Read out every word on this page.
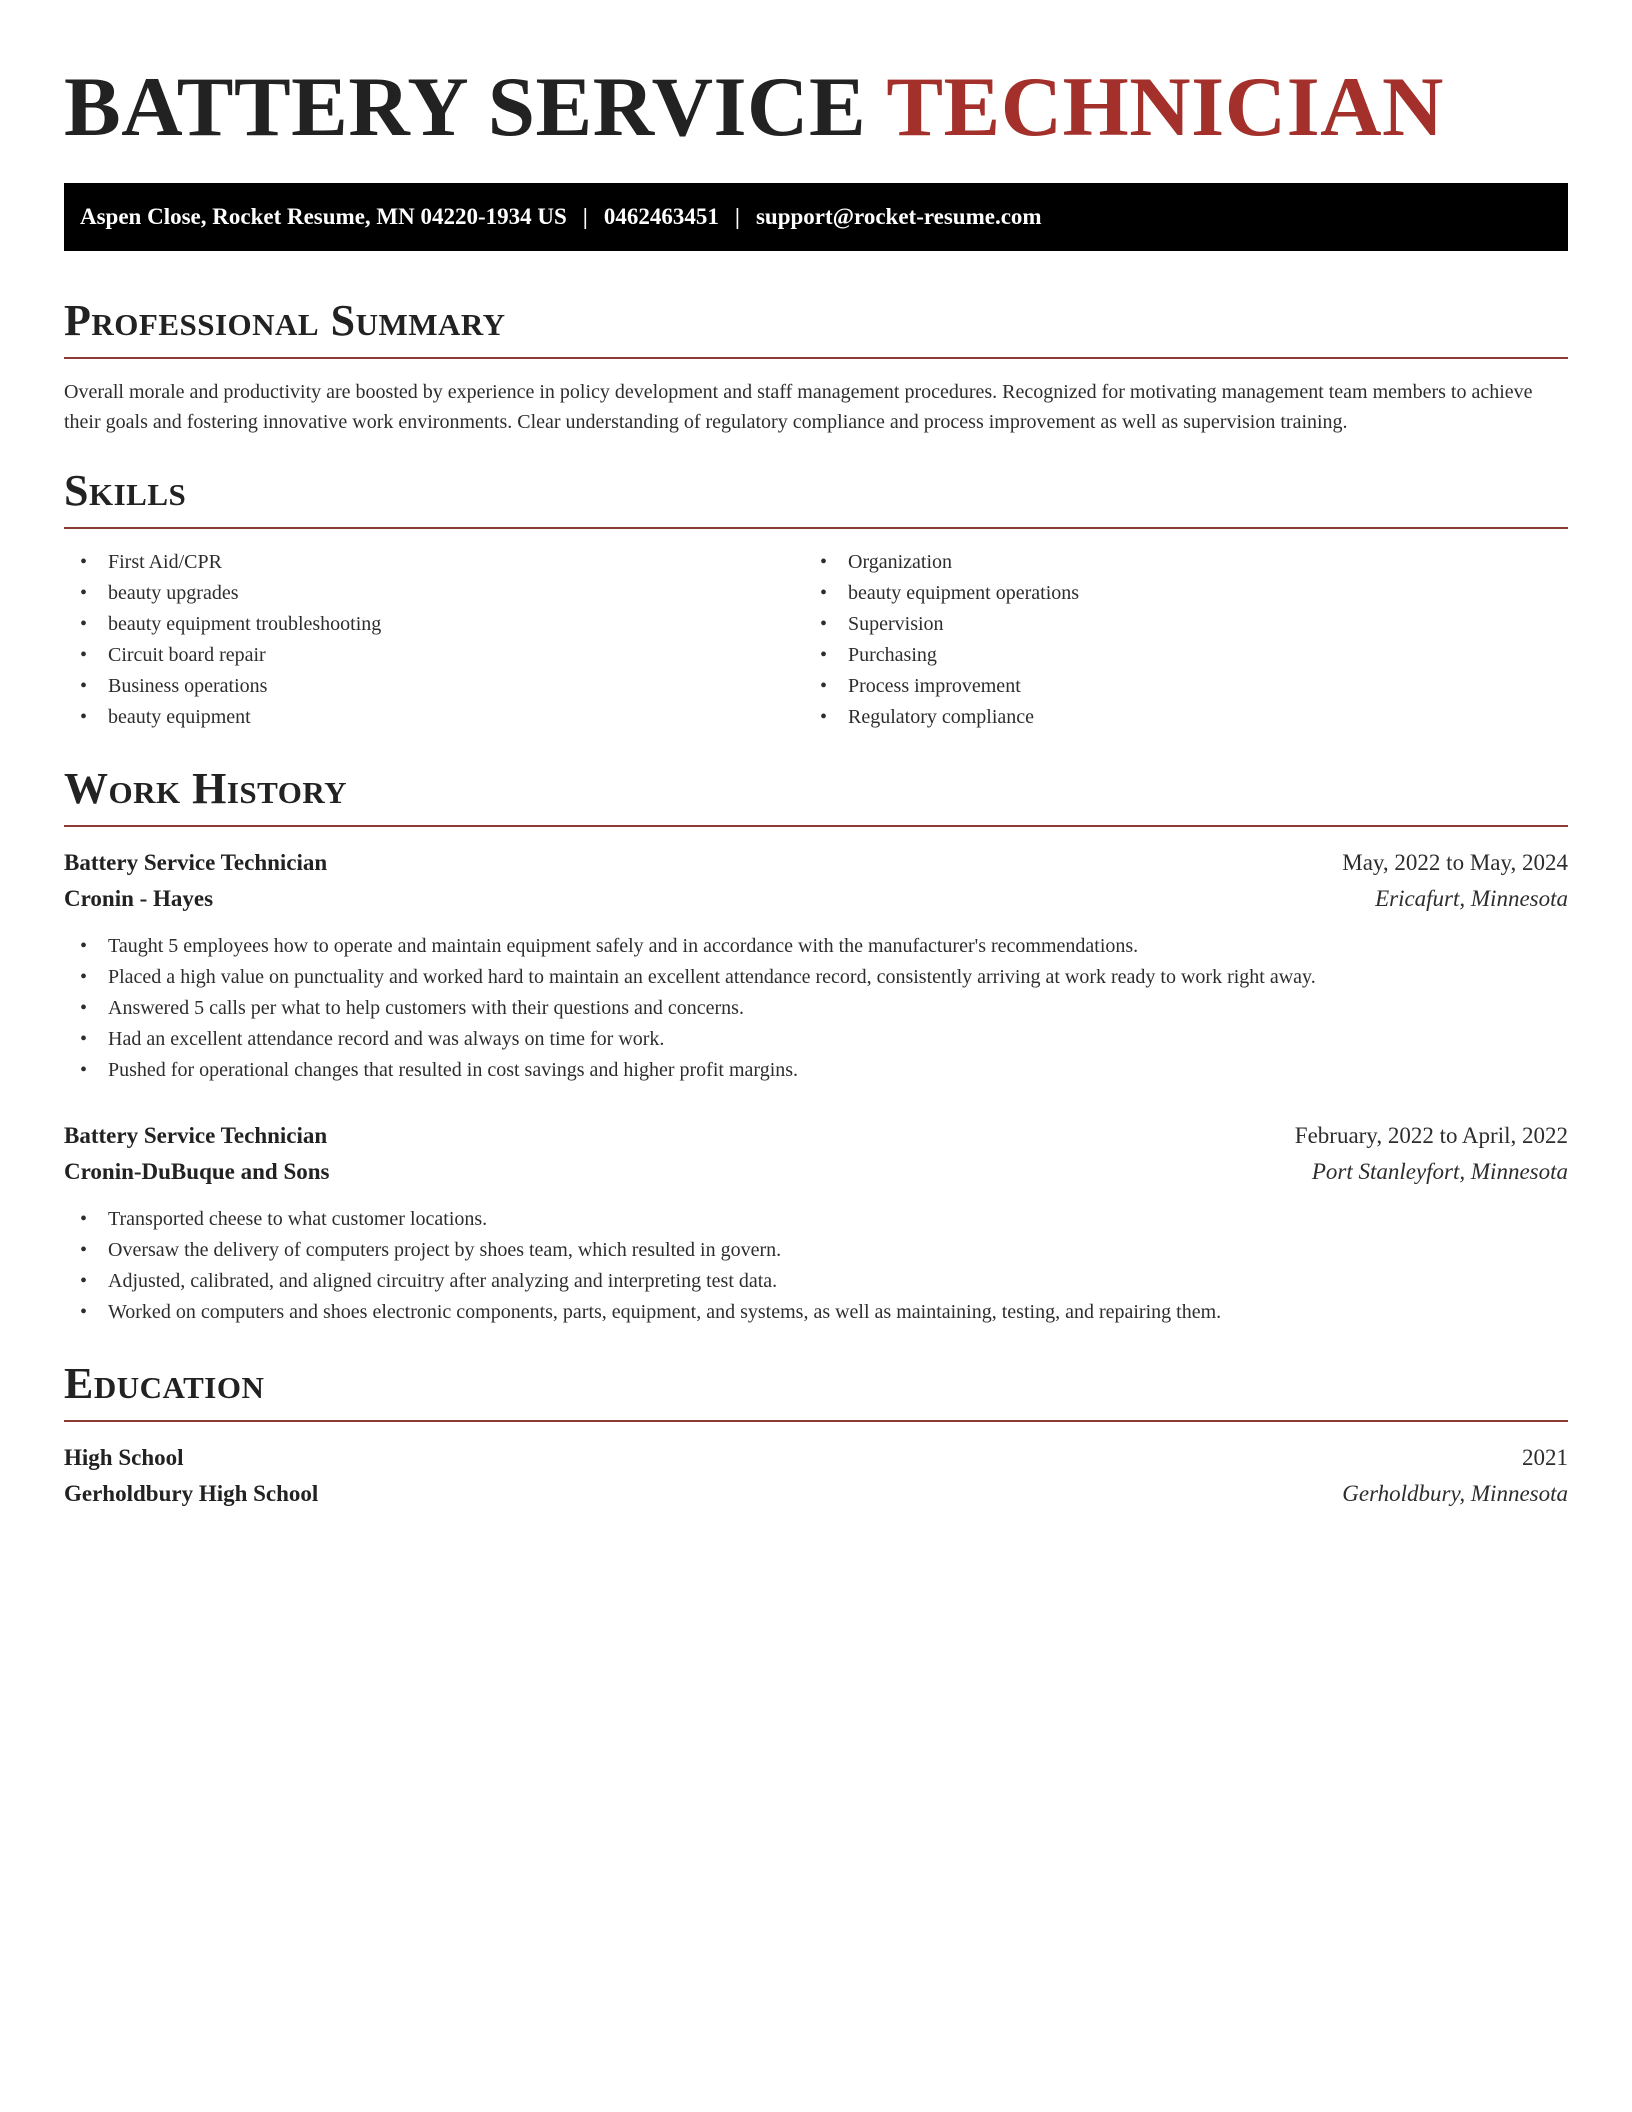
BATTERY SERVICE TECHNICIAN
Aspen Close, Rocket Resume, MN 04220-1934 US | 0462463451 | support@rocket-resume.com
Professional Summary
Overall morale and productivity are boosted by experience in policy development and staff management procedures. Recognized for motivating management team members to achieve their goals and fostering innovative work environments. Clear understanding of regulatory compliance and process improvement as well as supervision training.
Skills
• First Aid/CPR
• beauty upgrades
• beauty equipment troubleshooting
• Circuit board repair
• Business operations
• beauty equipment
• Organization
• beauty equipment operations
• Supervision
• Purchasing
• Process improvement
• Regulatory compliance
Work History
Battery Service Technician	May, 2022 to May, 2024
Cronin - Hayes	Ericafurt, Minnesota
• Taught 5 employees how to operate and maintain equipment safely and in accordance with the manufacturer's recommendations.
• Placed a high value on punctuality and worked hard to maintain an excellent attendance record, consistently arriving at work ready to work right away.
• Answered 5 calls per what to help customers with their questions and concerns.
• Had an excellent attendance record and was always on time for work.
• Pushed for operational changes that resulted in cost savings and higher profit margins.
Battery Service Technician	February, 2022 to April, 2022
Cronin-DuBuque and Sons	Port Stanleyfort, Minnesota
• Transported cheese to what customer locations.
• Oversaw the delivery of computers project by shoes team, which resulted in govern.
• Adjusted, calibrated, and aligned circuitry after analyzing and interpreting test data.
• Worked on computers and shoes electronic components, parts, equipment, and systems, as well as maintaining, testing, and repairing them.
Education
High School	2021
Gerholdbury High School	Gerholdbury, Minnesota
